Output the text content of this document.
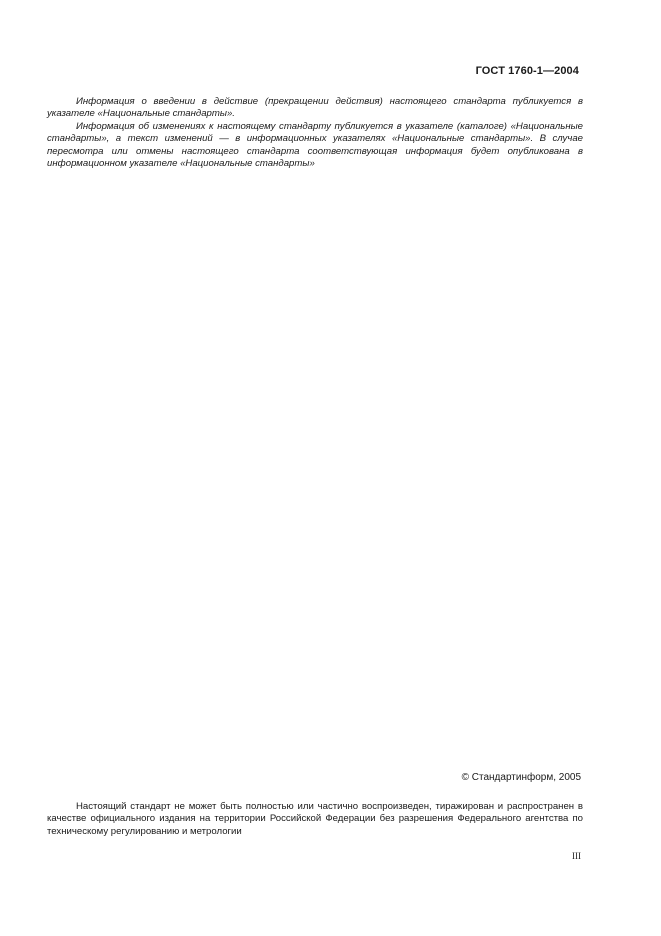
ГОСТ 1760-1—2004

Информация о введении в действие (прекращении действия) настоящего стандарта публикуется в указателе «Национальные стандарты».

Информация об изменениях к настоящему стандарту публикуется в указателе (каталоге) «Национальные стандарты», а текст изменений — в информационных указателях «Национальные стандарты». В случае пересмотра или отмены настоящего стандарта соответствующая информация будет опубликована в информационном указателе «Национальные стандарты»

© Стандартинформ, 2005

Настоящий стандарт не может быть полностью или частично воспроизведен, тиражирован и распространен в качестве официального издания на территории Российской Федерации без разрешения Федерального агентства по техническому регулированию и метрологии

III
